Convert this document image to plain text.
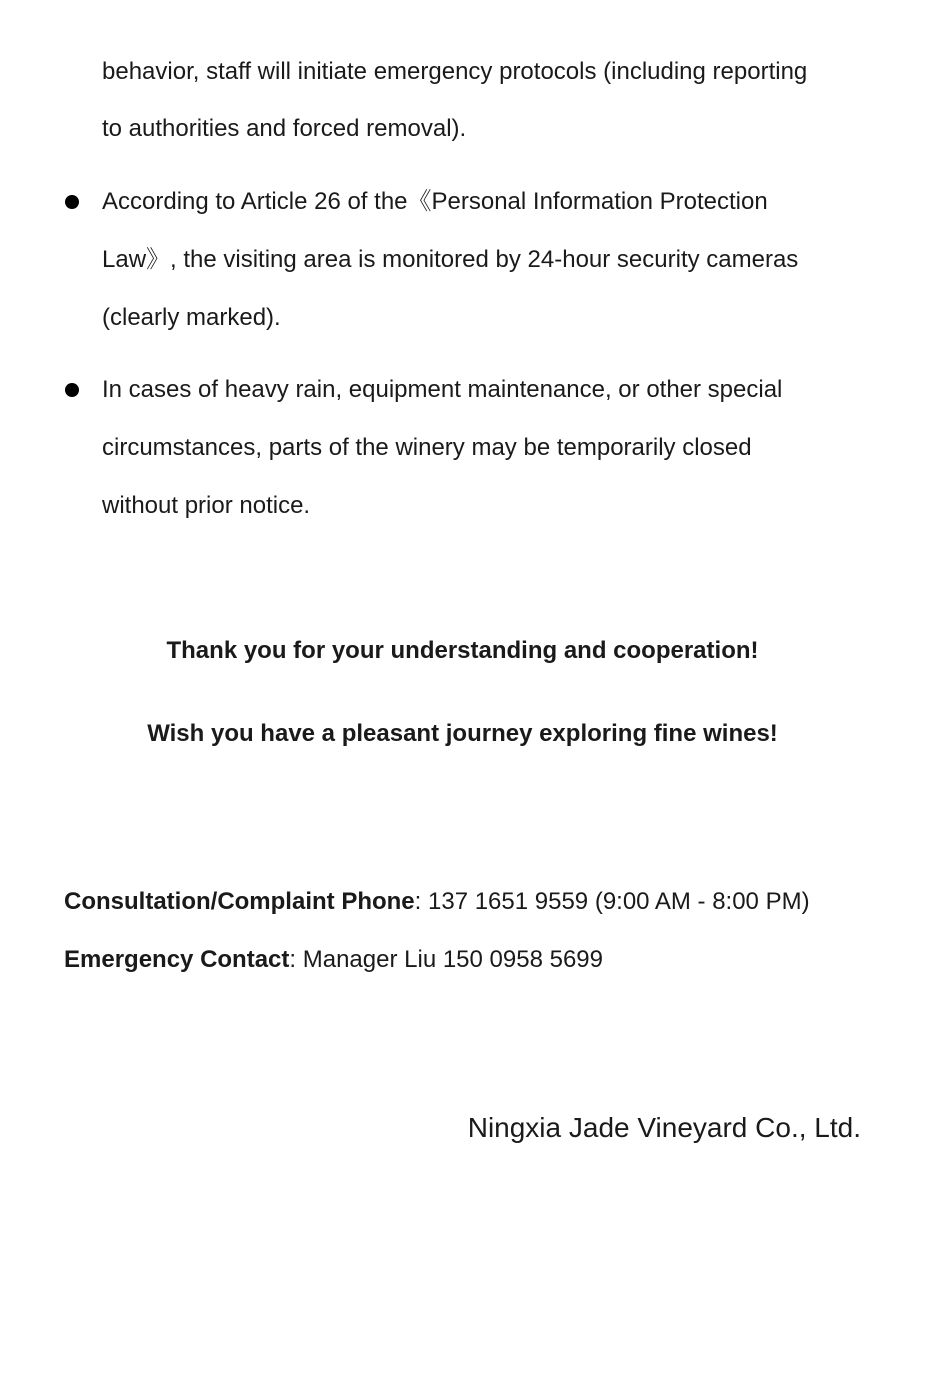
behavior, staff will initiate emergency protocols (including reporting
to authorities and forced removal).
According to Article 26 of the《Personal Information Protection
Law》, the visiting area is monitored by 24-hour security cameras
(clearly marked).
In cases of heavy rain, equipment maintenance, or other special
circumstances, parts of the winery may be temporarily closed
without prior notice.
Thank you for your understanding and cooperation!
Wish you have a pleasant journey exploring fine wines!
Consultation/Complaint Phone: 137 1651 9559 (9:00 AM - 8:00 PM)
Emergency Contact: Manager Liu 150 0958 5699
Ningxia Jade Vineyard Co., Ltd.
